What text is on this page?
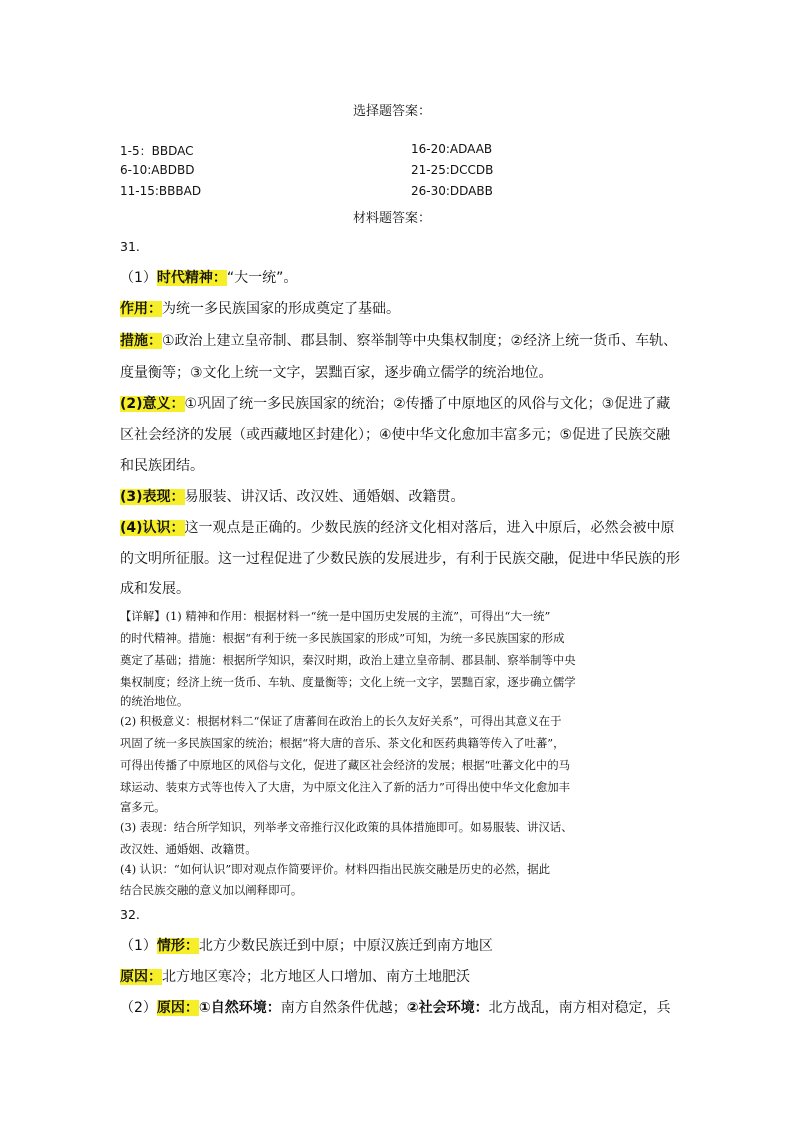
选择题答案：
1-5：BBDAC
6-10:ABDBD
11-15:BBBAD
16-20:ADAAB
21-25:DCCDB
26-30:DDABB
材料题答案：
31.
（1）时代精神：“大一统”。
作用：为统一多民族国家的形成奠定了基础。
措施：①政治上建立皇帝制、郡县制、察举制等中央集权制度；②经济上统一货币、车轨、
度量衡等；③文化上统一文字，罢黜百家，逐步确立儒学的统治地位。
(2)意义：①巩固了统一多民族国家的统治；②传播了中原地区的风俗与文化；③促进了藏
区社会经济的发展（或西藏地区封建化）；④使中华文化愈加丰富多元；⑤促进了民族交融
和民族团结。
(3)表现：易服装、讲汉话、改汉姓、通婚姻、改籍贯。
(4)认识：这一观点是正确的。少数民族的经济文化相对落后，进入中原后，必然会被中原
的文明所征服。这一过程促进了少数民族的发展进步，有利于民族交融，促进中华民族的形
成和发展。
【详解】(1) 精神和作用：根据材料一“统一是中国历史发展的主流”，可得出“大一统”
的时代精神。措施：根据“有利于统一多民族国家的形成”可知，为统一多民族国家的形成
奠定了基础；措施：根据所学知识，秦汉时期，政治上建立皇帝制、郡县制、察举制等中央
集权制度；经济上统一货币、车轨、度量衡等；文化上统一文字，罢黜百家，逐步确立儒学
的统治地位。
(2) 积极意义：根据材料二“保证了唐蕃间在政治上的长久友好关系”，可得出其意义在于
巩固了统一多民族国家的统治；根据“将大唐的音乐、茶文化和医药典籍等传入了吐蕃”，
可得出传播了中原地区的风俗与文化，促进了藏区社会经济的发展；根据“吐蕃文化中的马
球运动、装束方式等也传入了大唐，为中原文化注入了新的活力”可得出使中华文化愈加丰
富多元。
(3) 表现：结合所学知识，列举孝文帝推行汉化政策的具体措施即可。如易服装、讲汉话、
改汉姓、通婚姻、改籍贯。
(4) 认识：“如何认识”即对观点作简要评价。材料四指出民族交融是历史的必然，据此
结合民族交融的意义加以阐释即可。
32.
（1）情形：北方少数民族迁到中原；中原汉族迁到南方地区
原因：北方地区寒冷；北方地区人口增加、南方土地肥沃
（2）原因：①自然环境：南方自然条件优越；②社会环境：北方战乱，南方相对稳定，兵
